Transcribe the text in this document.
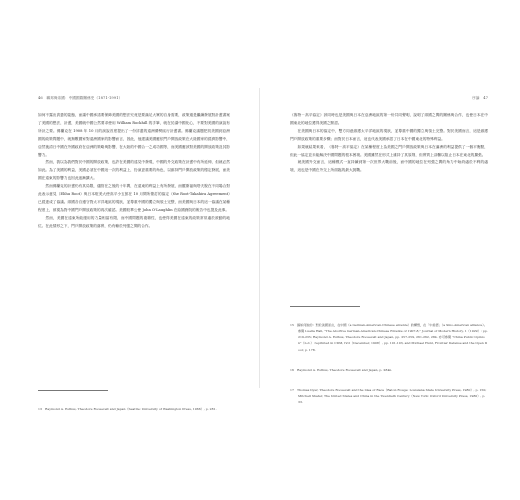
46　聯邦與帝國：中國國際關係史（1871-1991）
如何不露出貪婪的姿態，而讓中國承諾要保障美國的想法究竟是要滿足大眾的自身需要，政策還是繼續發展對計畫書案了美國的想法，計畫，美國就中國公然要求使用 William Rockhill 的手筆，就在於讓中國化心，不要對美國的演說有所計之要。佛蘭克在 1908 年 10 月的演說首度提出了一份詳盡的遠洲優勢區行計畫書。佛蘭克議題把初美國到亞洲國的政策問題中，就無數國家對遠洲國家的影響而言，因此，他建議美國應依門戶開放政策在大陸國家的經濟影響中，亞然後清日中國在外國政府在亞洲的策略與影響，在大陸的中國合一之成功國等，而美國應該對美國的開放政策及其影響力。
　　然而，我以為我們對於中國的開放政策，也許在美國的遠見中發現，中國的外交政策在計畫中有所延伸，但就必然如此。為了美國的利益，美國必須在中國這一次的利益上，扮演更重要的角色，以維持門戶開放政策的穩定發展，而美國在遠東的影響力也因此逐漸擴大。
　　然而佛蘭克的計畫仍有其局限，儘管在之後的十年間，在遠東的利益上有所發展，而羅斯福與塔夫脫在不同場合對此表示意見（Elihu Root）與日本駐美大使高平小五郎在 10 月間所簽訂的協定（the Root-Takahira Agreement）已經達成了協議。兩國各自遵守對太平洋地區的現狀，並尊重中國的獨立與領土完整，而美國與日本的這一協議在某種程度上，被視為對中國門戶開放政策的再次確認。美國駐華公使 John O'Laughlin 在給國務院的報告中也提及此事。
　　然而，美國在遠東所能運用的力量相當有限，而中國問題的複雜性，也使得美國在遠東的政策常常處於被動的地位。在此情形之下，門戶開放政策的落實，仍有賴於列強之間的合作。

13　Raymond A. Esthus, Theodore Roosevelt and Japan（Seattle: University of Washington Press, 1966）, p. 281.

序論　47
《魯特－高平協定》該同時也是美國與日本在亞洲地區的第一份共同聲明，說明了兩國之間的關係與合作，也使日本在中國東北的地位獲得美國之默認。
　　在美國與日本的協定中，雙方同意維護太平洋地區的現狀，並尊重中國的獨立與領土完整。對於美國而言，這是維護門戶開放政策的重要步驟；而對於日本而言，這也代表美國承認了日本在中國東北的特殊利益。
　　如果就結果來看，《魯特－高平協定》在某種程度上為美國之門戶開放政策與日本在滿洲的利益提供了一個平衡點，但此一協定並未能解決中國問題的根本困境。美國雖然在形式上維持了其原則，但實質上卻難以阻止日本在東北的擴張。
　　就美國外交而言，這種模式一直持續到第一次世界大戰前後，而中國的地位在列強之間的角力中始終處於不利的處境，這也是中國在外交上所面臨的最大挑戰。

15　據如何說的：對於美國而言，在中國（a German-American-Chinese entente）的構想，在「中美德」（a Sino-American alliance）。參閱 Luella Hall, "The Abortive German-American-Chinese Entente of 1907-8," Journal of Modern History, 1（1929）: pp. 219-235; Raymond A. Esthus, Theodore Roosevelt and Japan, pp. 257-259, 261-262, 284. 亦可參閱 "China Public Opinion"（n.d.） reprinted in CDM, IV.2（December, 1908）, pp. 101-103, and Michael Hunt, Frontier Defense and the Open Door, p. 178.

16　Raymond A. Esthus, Theodore Roosevelt and Japan, p. 284n.

17　Thomas Dyer, Theodore Roosevelt and the Idea of Race（Baton Rouge: Louisiana State University Press, 1980）, p. 150; Mitchell Shafer, The United States and China in the Twentieth Century（New York: Oxford University Press, 1980）, p. 33.
